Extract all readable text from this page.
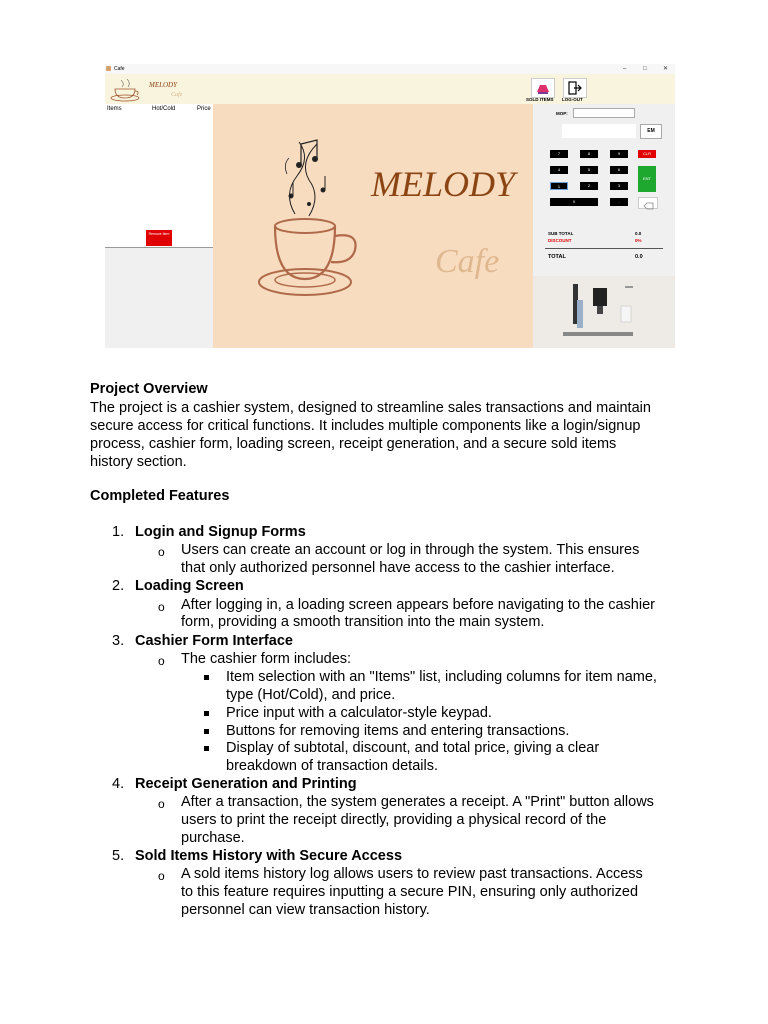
Cafe	–	□	✕
MELODY
Cafe
SOLD ITEMS LOG-OUT
Items	Hot/Cold	Price
Remove Item
MELODY
Cafe
MOP:
EM
7	8	9	CLR
4	5	6
ENT
1	2	3
0	.
SUB TOTAL	0.0
DISCOUNT	0%
TOTAL	0.0
Project Overview
The project is a cashier system, designed to streamline sales transactions and maintain
secure access for critical functions. It includes multiple components like a login/signup
process, cashier form, loading screen, receipt generation, and a secure sold items
history section.
Completed Features
1. Login and Signup Forms
o Users can create an account or log in through the system. This ensures
that only authorized personnel have access to the cashier interface.
2. Loading Screen
o After logging in, a loading screen appears before navigating to the cashier
form, providing a smooth transition into the main system.
3. Cashier Form Interface
o The cashier form includes:
Item selection with an "Items" list, including columns for item name,
type (Hot/Cold), and price.
Price input with a calculator-style keypad.
Buttons for removing items and entering transactions.
Display of subtotal, discount, and total price, giving a clear
breakdown of transaction details.
4. Receipt Generation and Printing
o After a transaction, the system generates a receipt. A "Print" button allows
users to print the receipt directly, providing a physical record of the
purchase.
5. Sold Items History with Secure Access
o A sold items history log allows users to review past transactions. Access
to this feature requires inputting a secure PIN, ensuring only authorized
personnel can view transaction history.
